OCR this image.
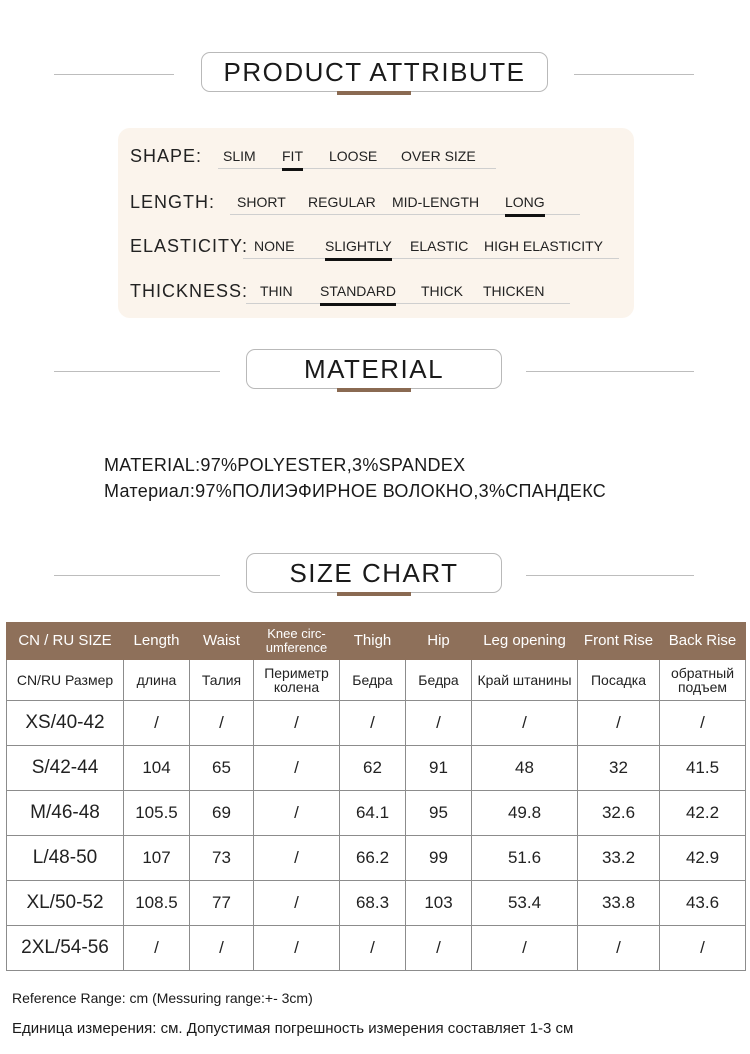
PRODUCT ATTRIBUTE
SHAPE: SLIM FIT LOOSE OVER SIZE
LENGTH: SHORT REGULAR MID-LENGTH LONG
ELASTICITY: NONE SLIGHTLY ELASTIC HIGH ELASTICITY
THICKNESS: THIN STANDARD THICK THICKEN
MATERIAL
MATERIAL:97%POLYESTER,3%SPANDEX
Материал:97%ПОЛИЭФИРНОЕ ВОЛОКНО,3%СПАНДЕКС
SIZE CHART
CN / RU SIZE	Length	Waist	Knee circ-umference	Thigh	Hip	Leg opening	Front Rise	Back Rise
CN/RU Размер	длина	Талия	Периметр колена	Бедра	Бедра	Край штанины	Посадка	обратный подъем
XS/40-42	/	/	/	/	/	/	/	/
S/42-44	104	65	/	62	91	48	32	41.5
M/46-48	105.5	69	/	64.1	95	49.8	32.6	42.2
L/48-50	107	73	/	66.2	99	51.6	33.2	42.9
XL/50-52	108.5	77	/	68.3	103	53.4	33.8	43.6
2XL/54-56	/	/	/	/	/	/	/	/
Reference Range: cm (Messuring range:+- 3cm)
Единица измерения: см. Допустимая погрешность измерения составляет 1-3 см
